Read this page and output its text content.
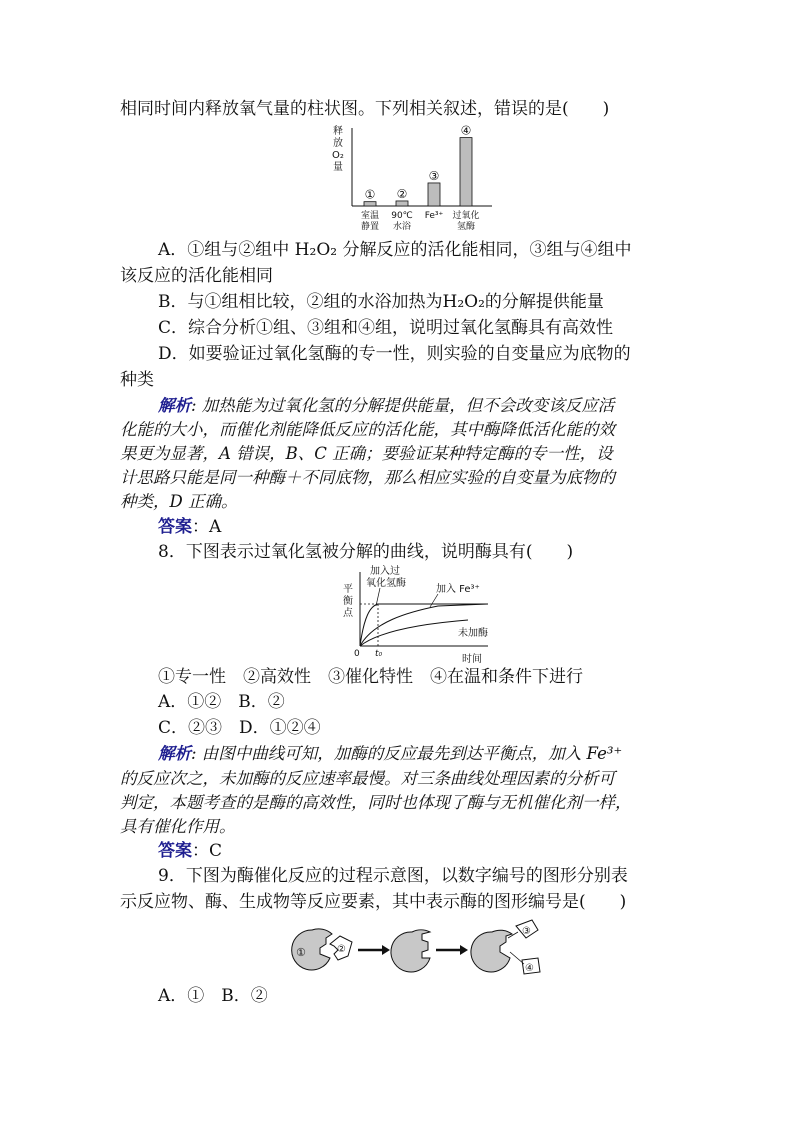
相同时间内释放氧气量的柱状图。下列相关叙述，错误的是(　　)
释
放
O₂
量
①
室温
静置
②
90℃
水浴
③
Fe³⁺
④
过氧化
氢酶
A．①组与②组中 H₂O₂ 分解反应的活化能相同，③组与④组中
该反应的活化能相同
B．与①组相比较，②组的水浴加热为H₂O₂的分解提供能量
C．综合分析①组、③组和④组，说明过氧化氢酶具有高效性
D．如要验证过氧化氢酶的专一性，则实验的自变量应为底物的
种类
解析: 加热能为过氧化氢的分解提供能量，但不会改变该反应活
化能的大小，而催化剂能降低反应的活化能，其中酶降低活化能的效
果更为显著，A 错误，B、C 正确；要验证某种特定酶的专一性，设
计思路只能是同一种酶＋不同底物，那么相应实验的自变量为底物的
种类，D 正确。
答案：A
8．下图表示过氧化氢被分解的曲线，说明酶具有(　　)
平
衡
点
0 t₀	时间
加入过
氧化氢酶
加入 Fe³⁺
未加酶
①专一性　②高效性　③催化特性　④在温和条件下进行
A．①②　B．②
C．②③　D．①②④
解析: 由图中曲线可知，加酶的反应最先到达平衡点，加入 Fe³⁺
的反应次之，未加酶的反应速率最慢。对三条曲线处理因素的分析可
判定，本题考查的是酶的高效性，同时也体现了酶与无机催化剂一样，
具有催化作用。
答案：C
9．下图为酶催化反应的过程示意图，以数字编号的图形分别表
示反应物、酶、生成物等反应要素，其中表示酶的图形编号是(　　)
①	②
③
④
A．①　B．②
